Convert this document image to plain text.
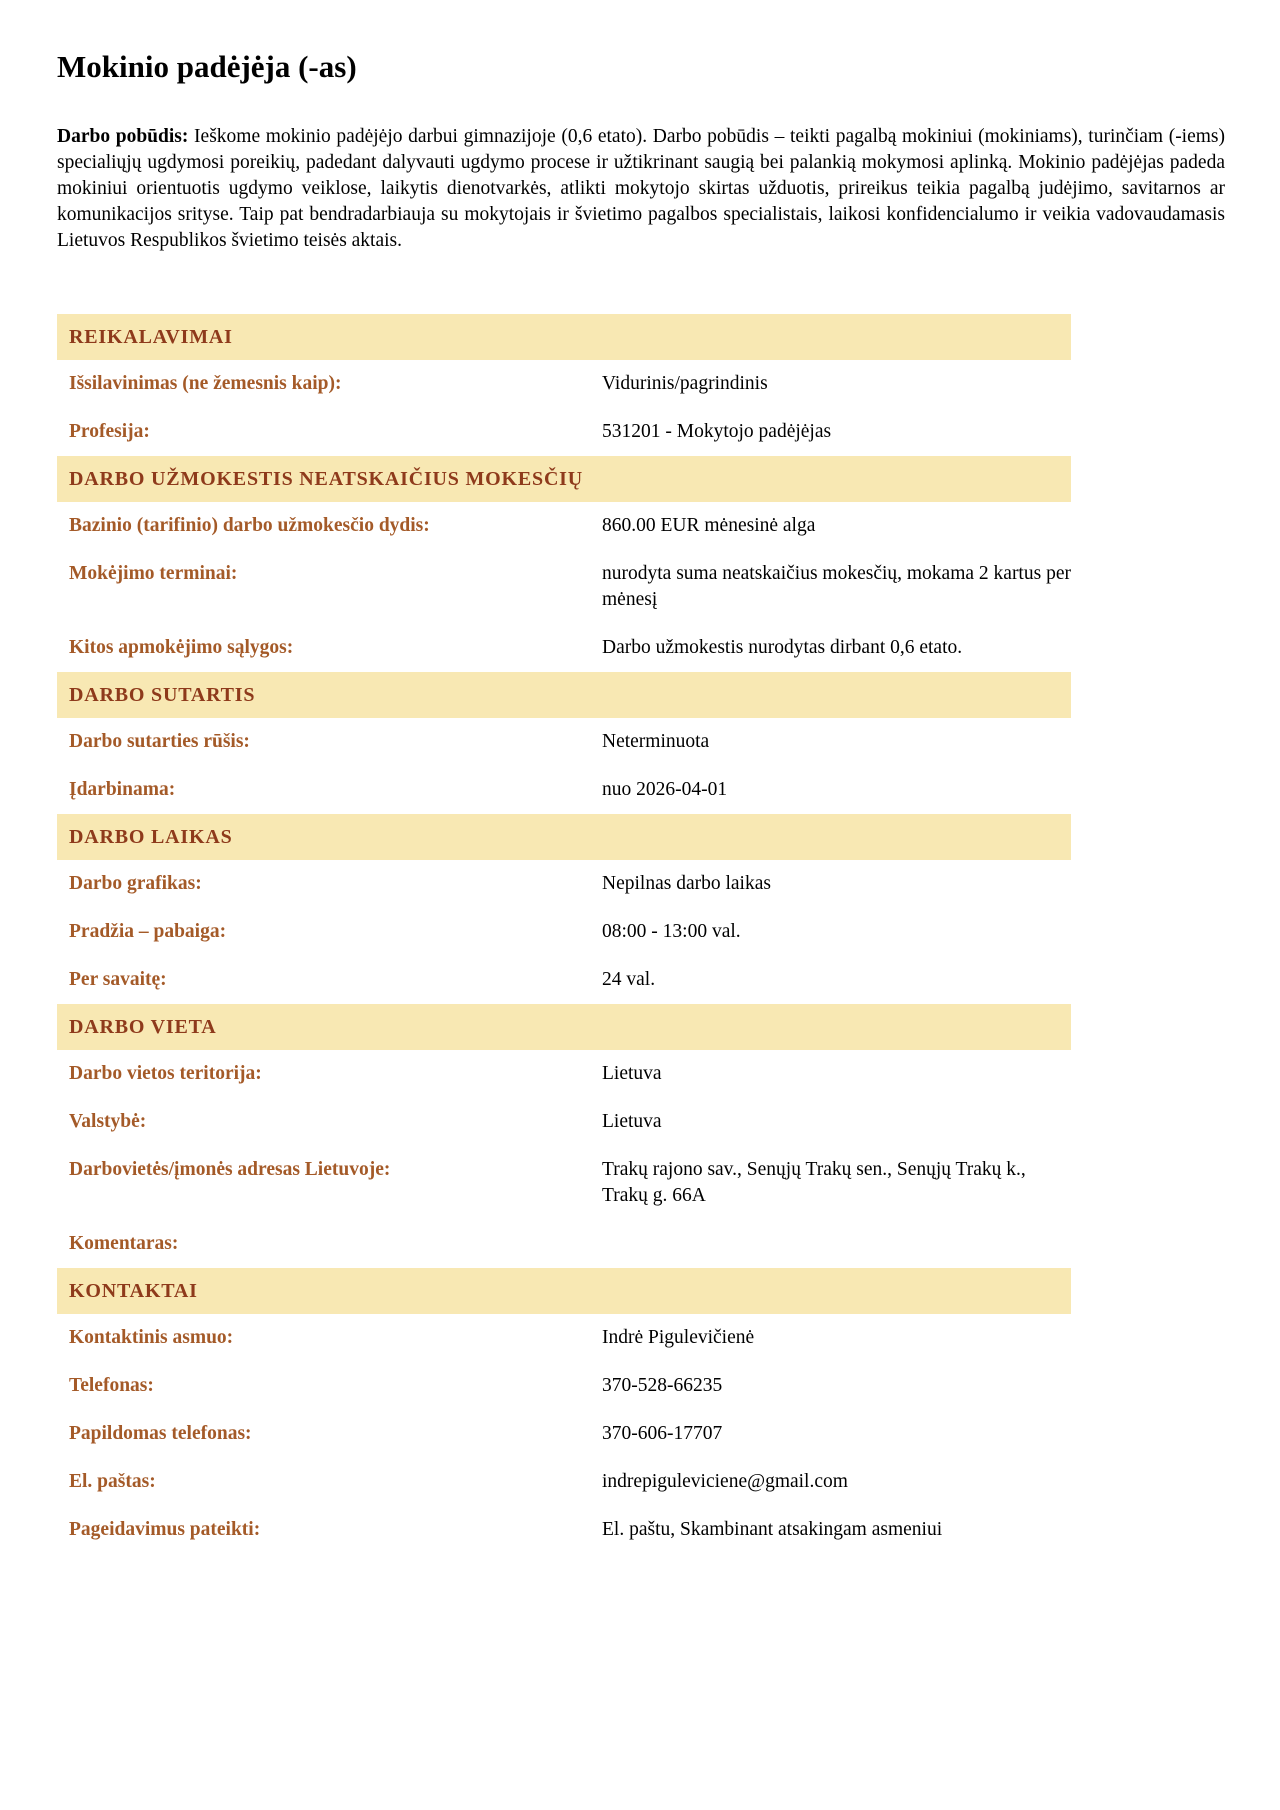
Mokinio padėjėja (-as)

Darbo pobūdis: Ieškome mokinio padėjėjo darbui gimnazijoje (0,6 etato). Darbo pobūdis – teikti pagalbą mokiniui (mokiniams), turinčiam (-iems) specialiųjų ugdymosi poreikių, padedant dalyvauti ugdymo procese ir užtikrinant saugią bei palankią mokymosi aplinką. Mokinio padėjėjas padeda mokiniui orientuotis ugdymo veiklose, laikytis dienotvarkės, atlikti mokytojo skirtas užduotis, prireikus teikia pagalbą judėjimo, savitarnos ar komunikacijos srityse. Taip pat bendradarbiauja su mokytojais ir švietimo pagalbos specialistais, laikosi konfidencialumo ir veikia vadovaudamasis Lietuvos Respublikos švietimo teisės aktais.

REIKALAVIMAI
Išsilavinimas (ne žemesnis kaip):	Vidurinis/pagrindinis
Profesija:	531201 - Mokytojo padėjėjas
DARBO UŽMOKESTIS NEATSKAIČIUS MOKESČIŲ
Bazinio (tarifinio) darbo užmokesčio dydis:	860.00 EUR mėnesinė alga
Mokėjimo terminai:	nurodyta suma neatskaičius mokesčių, mokama 2 kartus per mėnesį
Kitos apmokėjimo sąlygos:	Darbo užmokestis nurodytas dirbant 0,6 etato.
DARBO SUTARTIS
Darbo sutarties rūšis:	Neterminuota
Įdarbinama:	nuo 2026-04-01
DARBO LAIKAS
Darbo grafikas:	Nepilnas darbo laikas
Pradžia – pabaiga:	08:00 - 13:00 val.
Per savaitę:	24 val.
DARBO VIETA
Darbo vietos teritorija:	Lietuva
Valstybė:	Lietuva
Darbovietės/įmonės adresas Lietuvoje:	Trakų rajono sav., Senųjų Trakų sen., Senųjų Trakų k., Trakų g. 66A
Komentaras:
KONTAKTAI
Kontaktinis asmuo:	Indrė Pigulevičienė
Telefonas:	370-528-66235
Papildomas telefonas:	370-606-17707
El. paštas:	indrepiguleviciene@gmail.com
Pageidavimus pateikti:	El. paštu, Skambinant atsakingam asmeniui
